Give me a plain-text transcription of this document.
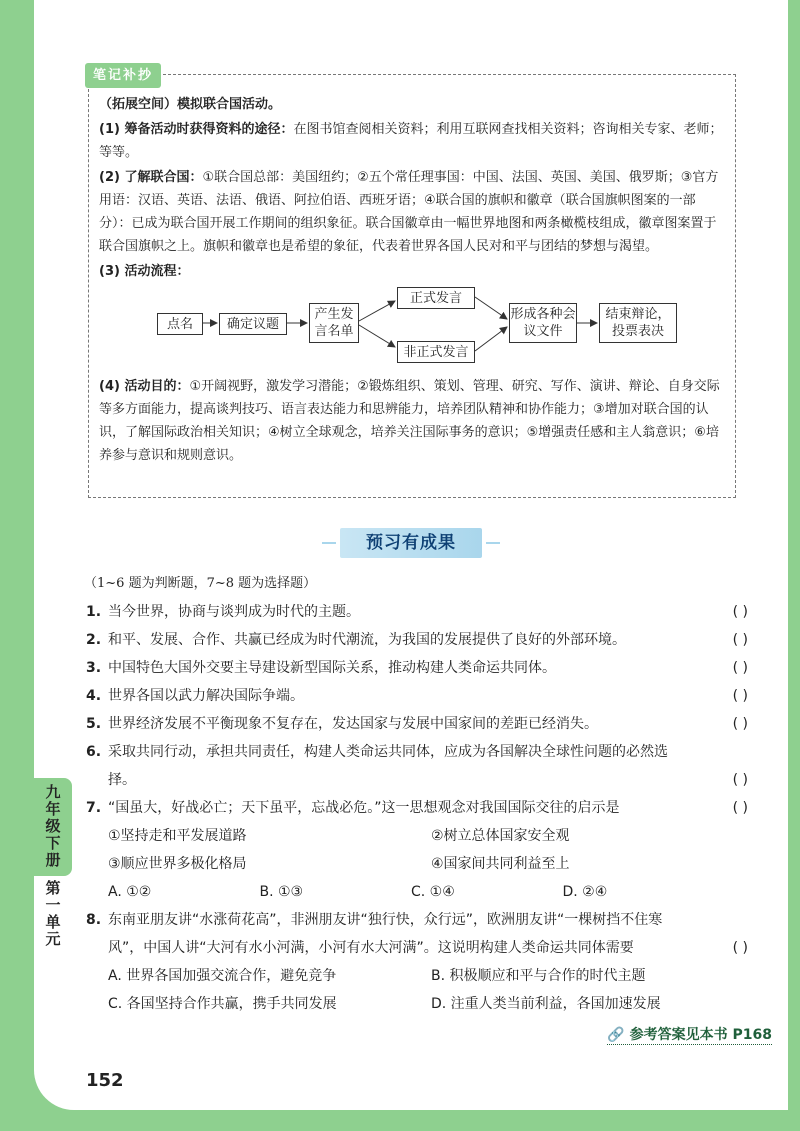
九
年
级
下
册
第
一
单
元
152
笔记补抄

（拓展空间）模拟联合国活动。

(1) 筹备活动时获得资料的途径：在图书馆查阅相关资料；利用互联网查找相关资料；咨询相关专家、老师；等等。

(2) 了解联合国：①联合国总部：美国纽约；②五个常任理事国：中国、法国、英国、美国、俄罗斯；③官方用语：汉语、英语、法语、俄语、阿拉伯语、西班牙语；④联合国的旗帜和徽章（联合国旗帜图案的一部分）：已成为联合国开展工作期间的组织象征。联合国徽章由一幅世界地图和两条橄榄枝组成，徽章图案置于联合国旗帜之上。旗帜和徽章也是希望的象征，代表着世界各国人民对和平与团结的梦想与渴望。

(3) 活动流程：

点名	确定议题
产生发言名单
正式发言
非正式发言
形成各种会议文件
结束辩论，投票表决

(4) 活动目的：①开阔视野，激发学习潜能；②锻炼组织、策划、管理、研究、写作、演讲、辩论、自身交际等多方面能力，提高谈判技巧、语言表达能力和思辨能力，培养团队精神和协作能力；③增加对联合国的认识，了解国际政治相关知识；④树立全球观念，培养关注国际事务的意识；⑤增强责任感和主人翁意识；⑥培养参与意识和规则意识。

预习有成果
（1~6 题为判断题，7~8 题为选择题）
1. 当今世界，协商与谈判成为时代的主题。	( )
2. 和平、发展、合作、共赢已经成为时代潮流，为我国的发展提供了良好的外部环境。	( )
3. 中国特色大国外交要主导建设新型国际关系，推动构建人类命运共同体。	( )
4. 世界各国以武力解决国际争端。	( )
5. 世界经济发展不平衡现象不复存在，发达国家与发展中国家间的差距已经消失。	( )
6. 采取共同行动，承担共同责任，构建人类命运共同体，应成为各国解决全球性问题的必然选择。	( )
7. “国虽大，好战必亡；天下虽平，忘战必危。”这一思想观念对我国国际交往的启示是	( )
①坚持走和平发展道路	②树立总体国家安全观
③顺应世界多极化格局	④国家间共同利益至上
A. ①②	B. ①③	C. ①④	D. ②④
8. 东南亚朋友讲“水涨荷花高”，非洲朋友讲“独行快，众行远”，欧洲朋友讲“一棵树挡不住寒风”，中国人讲“大河有水小河满，小河有水大河满”。这说明构建人类命运共同体需要	( )
A. 世界各国加强交流合作，避免竞争	B. 积极顺应和平与合作的时代主题
C. 各国坚持合作共赢，携手共同发展	D. 注重人类当前利益，各国加速发展
🔗 参考答案见本书 P168
